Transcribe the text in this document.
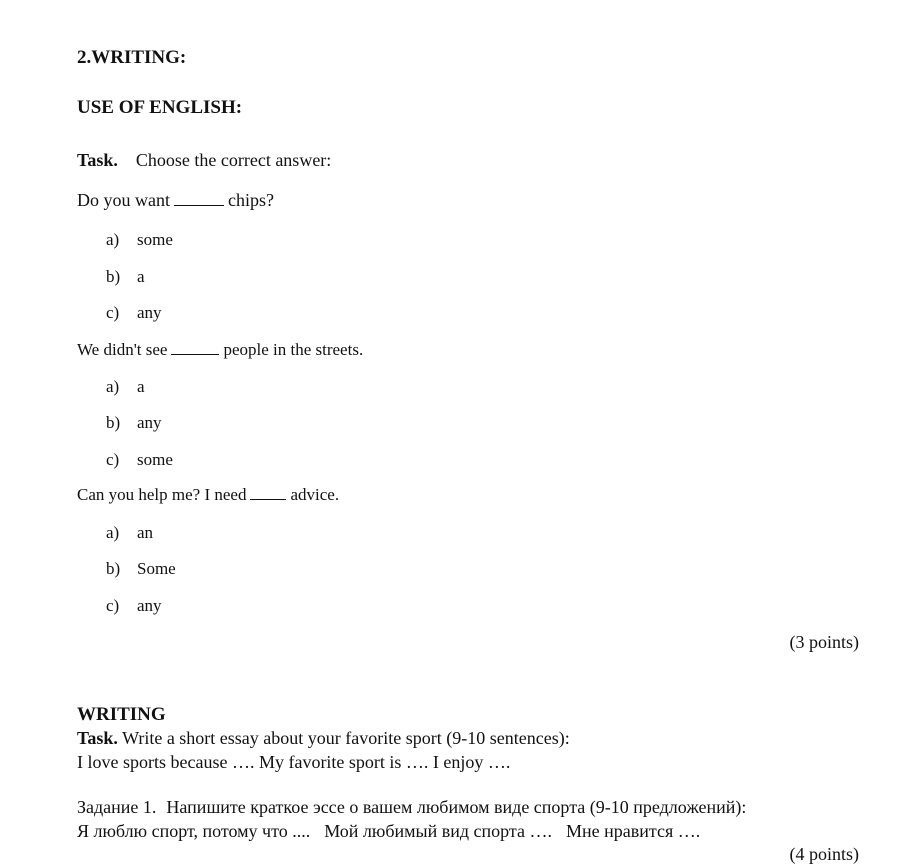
2.WRITING:
USE OF ENGLISH:
Task. Choose the correct answer:
Do you want	chips?
a) some
b) a
c) any
We didn't see	people in the streets.
a) a
b) any
c) some
Can you help me? I need	advice.
a) an
b) Some
c) any
(3 points)
WRITING
Task. Write a short essay about your favorite sport (9-10 sentences):
I love sports because …. My favorite sport is …. I enjoy ….
Задание 1. Напишите краткое эссе о вашем любимом виде спорта (9-10 предложений):
Я люблю спорт, потому что .... Мой любимый вид спорта …. Мне нравится ….
(4 points)
